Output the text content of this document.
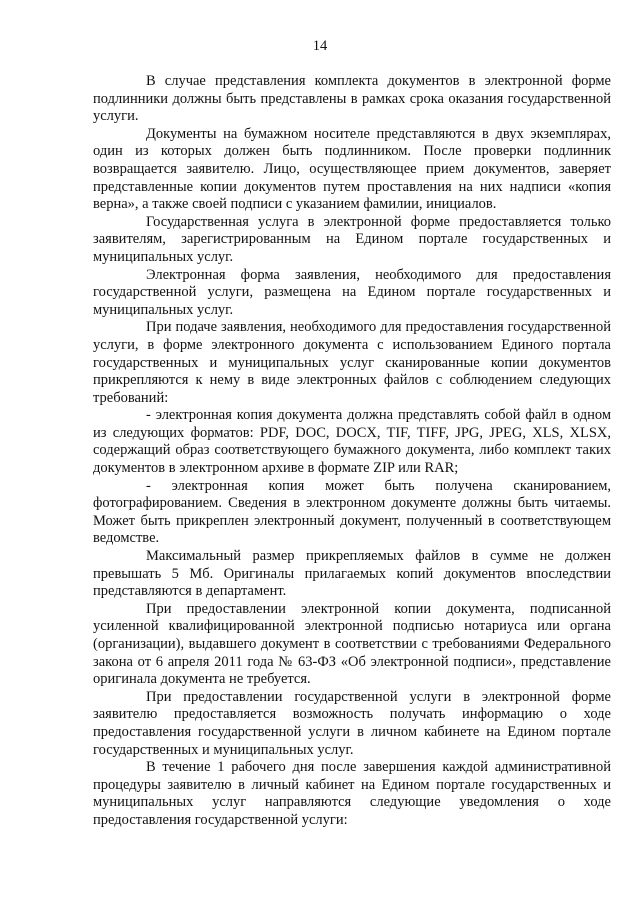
14

В случае представления комплекта документов в электронной форме подлинники должны быть представлены в рамках срока оказания государственной услуги.

Документы на бумажном носителе представляются в двух экземплярах, один из которых должен быть подлинником. После проверки подлинник возвращается заявителю. Лицо, осуществляющее прием документов, заверяет представленные копии документов путем проставления на них надписи «копия верна», а также своей подписи с указанием фамилии, инициалов.

Государственная услуга в электронной форме предоставляется только заявителям, зарегистрированным на Едином портале государственных и муниципальных услуг.

Электронная форма заявления, необходимого для предоставления государственной услуги, размещена на Едином портале государственных и муниципальных услуг.

При подаче заявления, необходимого для предоставления государственной услуги, в форме электронного документа с использованием Единого портала государственных и муниципальных услуг сканированные копии документов прикрепляются к нему в виде электронных файлов с соблюдением следующих требований:

- электронная копия документа должна представлять собой файл в одном из следующих форматов: PDF, DOC, DOCX, TIF, TIFF, JPG, JPEG, XLS, XLSX, содержащий образ соответствующего бумажного документа, либо комплект таких документов в электронном архиве в формате ZIP или RAR;

- электронная копия может быть получена сканированием, фотографированием. Сведения в электронном документе должны быть читаемы. Может быть прикреплен электронный документ, полученный в соответствующем ведомстве.

Максимальный размер прикрепляемых файлов в сумме не должен превышать 5 Мб. Оригиналы прилагаемых копий документов впоследствии представляются в департамент.

При предоставлении электронной копии документа, подписанной усиленной квалифицированной электронной подписью нотариуса или органа (организации), выдавшего документ в соответствии с требованиями Федерального закона от 6 апреля 2011 года № 63-ФЗ «Об электронной подписи», представление оригинала документа не требуется.

При предоставлении государственной услуги в электронной форме заявителю предоставляется возможность получать информацию о ходе предоставления государственной услуги в личном кабинете на Едином портале государственных и муниципальных услуг.

В течение 1 рабочего дня после завершения каждой административной процедуры заявителю в личный кабинет на Едином портале государственных и муниципальных услуг направляются следующие уведомления о ходе предоставления государственной услуги:
